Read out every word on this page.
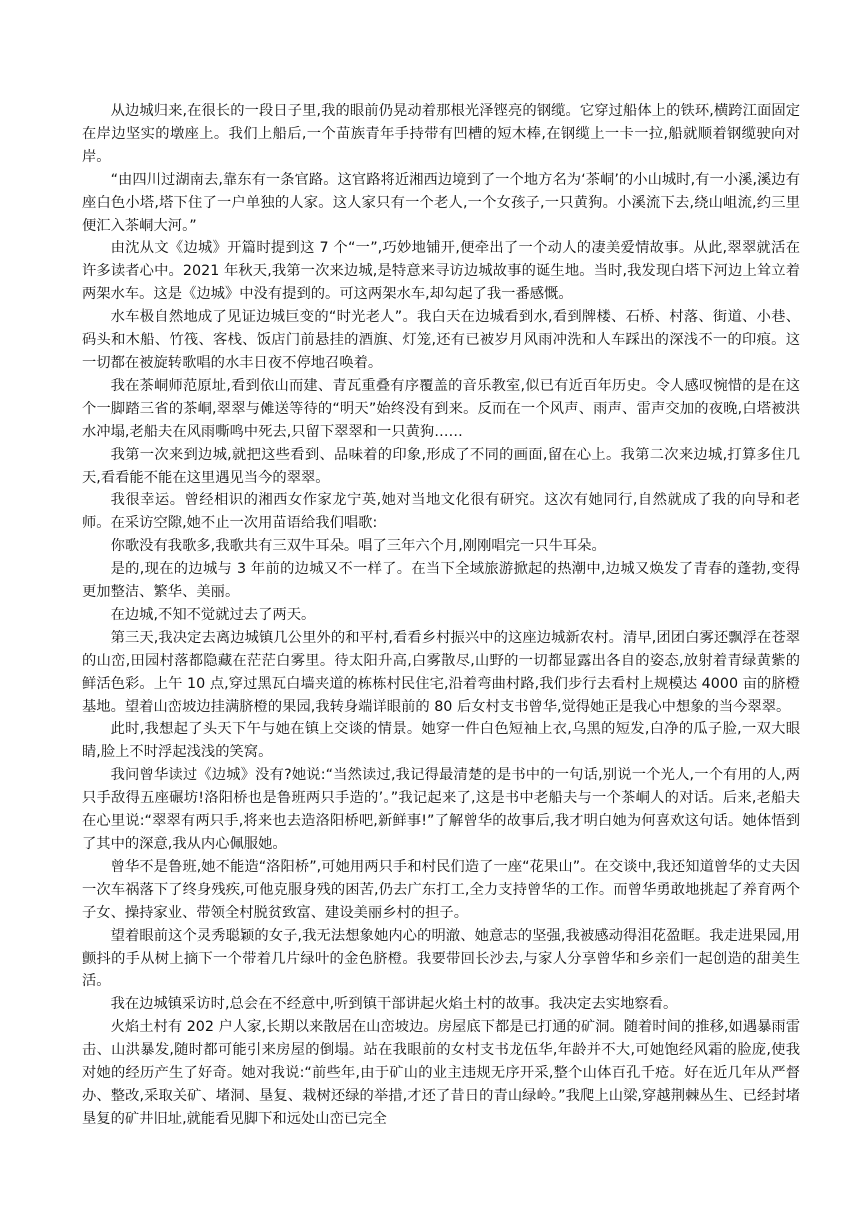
从边城归来,在很长的一段日子里,我的眼前仍晃动着那根光泽铿亮的钢缆。它穿过船体上的铁环,横跨江面固定在岸边坚实的墩座上。我们上船后,一个苗族青年手持带有凹槽的短木棒,在钢缆上一卡一拉,船就顺着钢缆驶向对岸。

“由四川过湖南去,靠东有一条官路。这官路将近湘西边境到了一个地方名为‘茶峒’的小山城时,有一小溪,溪边有座白色小塔,塔下住了一户单独的人家。这人家只有一个老人,一个女孩子,一只黄狗。小溪流下去,绕山岨流,约三里便汇入茶峒大河。”

由沈从文《边城》开篇时提到这 7 个“一”,巧妙地铺开,便牵出了一个动人的凄美爱情故事。从此,翠翠就活在许多读者心中。2021 年秋天,我第一次来边城,是特意来寻访边城故事的诞生地。当时,我发现白塔下河边上耸立着两架水车。这是《边城》中没有提到的。可这两架水车,却勾起了我一番感慨。

水车极自然地成了见证边城巨变的“时光老人”。我白天在边城看到水,看到牌楼、石桥、村落、街道、小巷、码头和木船、竹筏、客栈、饭店门前悬挂的酒旗、灯笼,还有已被岁月风雨冲洗和人车踩出的深浅不一的印痕。这一切都在被旋转歌唱的水丰日夜不停地召唤着。

我在茶峒师范原址,看到依山而建、青瓦重叠有序覆盖的音乐教室,似已有近百年历史。令人感叹惋惜的是在这个一脚踏三省的茶峒,翠翠与傩送等待的“明天”始终没有到来。反而在一个风声、雨声、雷声交加的夜晚,白塔被洪水冲塌,老船夫在风雨嘶鸣中死去,只留下翠翠和一只黄狗……

我第一次来到边城,就把这些看到、品味着的印象,形成了不同的画面,留在心上。我第二次来边城,打算多住几天,看看能不能在这里遇见当今的翠翠。

我很幸运。曾经相识的湘西女作家龙宁英,她对当地文化很有研究。这次有她同行,自然就成了我的向导和老师。在采访空隙,她不止一次用苗语给我们唱歌:

你歌没有我歌多,我歌共有三双牛耳朵。唱了三年六个月,刚刚唱完一只牛耳朵。

是的,现在的边城与 3 年前的边城又不一样了。在当下全域旅游掀起的热潮中,边城又焕发了青春的蓬勃,变得更加整洁、繁华、美丽。

在边城,不知不觉就过去了两天。

第三天,我决定去离边城镇几公里外的和平村,看看乡村振兴中的这座边城新农村。清早,团团白雾还飘浮在苍翠的山峦,田园村落都隐藏在茫茫白雾里。待太阳升高,白雾散尽,山野的一切都显露出各自的姿态,放射着青绿黄紫的鲜活色彩。上午 10 点,穿过黑瓦白墙夹道的栋栋村民住宅,沿着弯曲村路,我们步行去看村上规模达 4000 亩的脐橙基地。望着山峦坡边挂满脐橙的果园,我转身端详眼前的 80 后女村支书曾华,觉得她正是我心中想象的当今翠翠。

此时,我想起了头天下午与她在镇上交谈的情景。她穿一件白色短袖上衣,乌黑的短发,白净的瓜子脸,一双大眼睛,脸上不时浮起浅浅的笑窝。

我问曾华读过《边城》没有?她说:“当然读过,我记得最清楚的是书中的一句话,别说一个光人,一个有用的人,两只手敌得五座碾坊!洛阳桥也是鲁班两只手造的’。”我记起来了,这是书中老船夫与一个茶峒人的对话。后来,老船夫在心里说:“翠翠有两只手,将来也去造洛阳桥吧,新鲜事!”了解曾华的故事后,我才明白她为何喜欢这句话。她体悟到了其中的深意,我从内心佩服她。

曾华不是鲁班,她不能造“洛阳桥”,可她用两只手和村民们造了一座“花果山”。在交谈中,我还知道曾华的丈夫因一次车祸落下了终身残疾,可他克服身残的困苦,仍去广东打工,全力支持曾华的工作。而曾华勇敢地挑起了养育两个子女、操持家业、带领全村脱贫致富、建设美丽乡村的担子。

望着眼前这个灵秀聪颖的女子,我无法想象她内心的明澈、她意志的坚强,我被感动得泪花盈眶。我走进果园,用颤抖的手从树上摘下一个带着几片绿叶的金色脐橙。我要带回长沙去,与家人分享曾华和乡亲们一起创造的甜美生活。

我在边城镇采访时,总会在不经意中,听到镇干部讲起火焰土村的故事。我决定去实地察看。

火焰土村有 202 户人家,长期以来散居在山峦坡边。房屋底下都是已打通的矿洞。随着时间的推移,如遇暴雨雷击、山洪暴发,随时都可能引来房屋的倒塌。站在我眼前的女村支书龙伍华,年龄并不大,可她饱经风霜的脸庞,使我对她的经历产生了好奇。她对我说:“前些年,由于矿山的业主违规无序开采,整个山体百孔千疮。好在近几年从严督办、整改,采取关矿、堵洞、垦复、栽树还绿的举措,才还了昔日的青山绿岭。”我爬上山梁,穿越荆棘丛生、已经封堵垦复的矿井旧址,就能看见脚下和远处山峦已完全
